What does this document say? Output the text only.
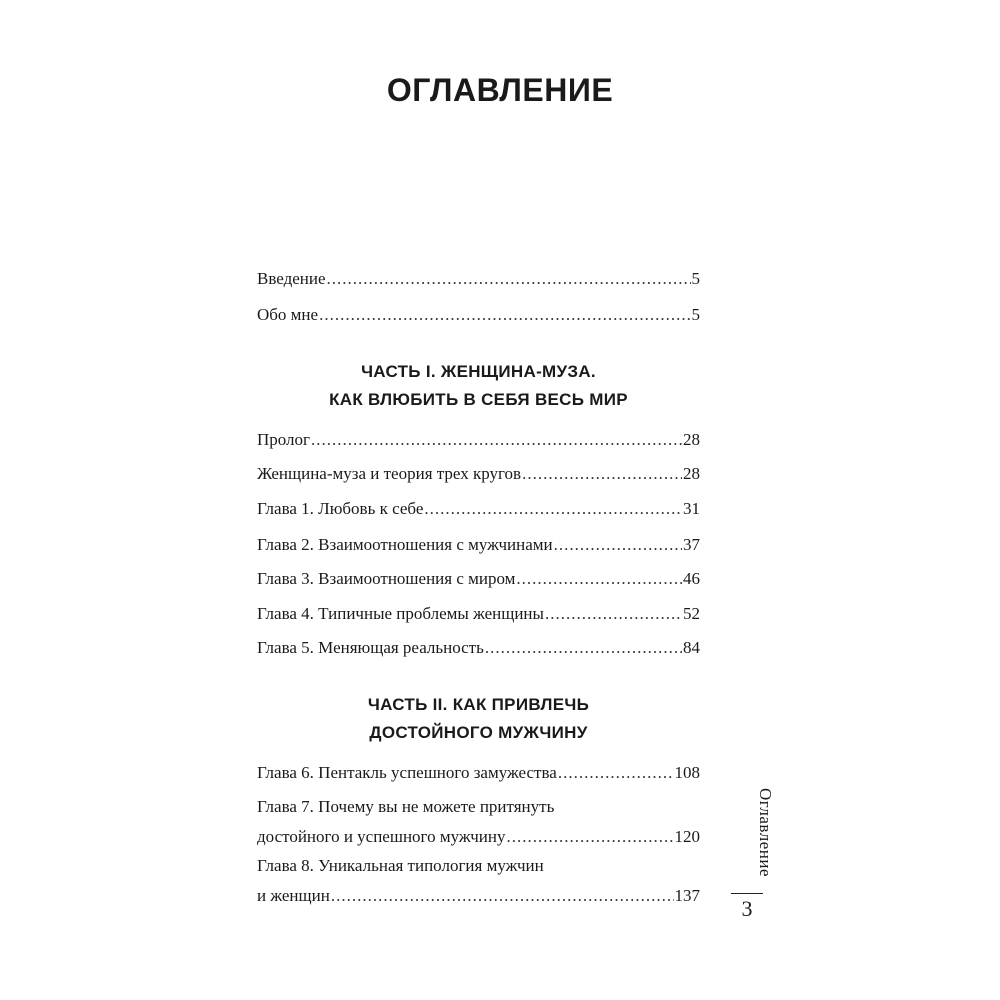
ОГЛАВЛЕНИЕ
Введение .....	5
Обо мне .....	5
ЧАСТЬ I. ЖЕНЩИНА-МУЗА.
КАК ВЛЮБИТЬ В СЕБЯ ВЕСЬ МИР
Пролог .....	28
Женщина-муза и теория трех кругов .....	28
Глава 1. Любовь к себе .....	31
Глава 2. Взаимоотношения с мужчинами .....	37
Глава 3. Взаимоотношения с миром .....	46
Глава 4. Типичные проблемы женщины .....	52
Глава 5. Меняющая реальность .....	84
ЧАСТЬ II. КАК ПРИВЛЕЧЬ
ДОСТОЙНОГО МУЖЧИНУ
Глава 6. Пентакль успешного замужества .....	108
Глава 7. Почему вы не можете притянуть
достойного и успешного мужчину .....	120
Глава 8. Уникальная типология мужчин
и женщин .....	137
Оглавление
3
